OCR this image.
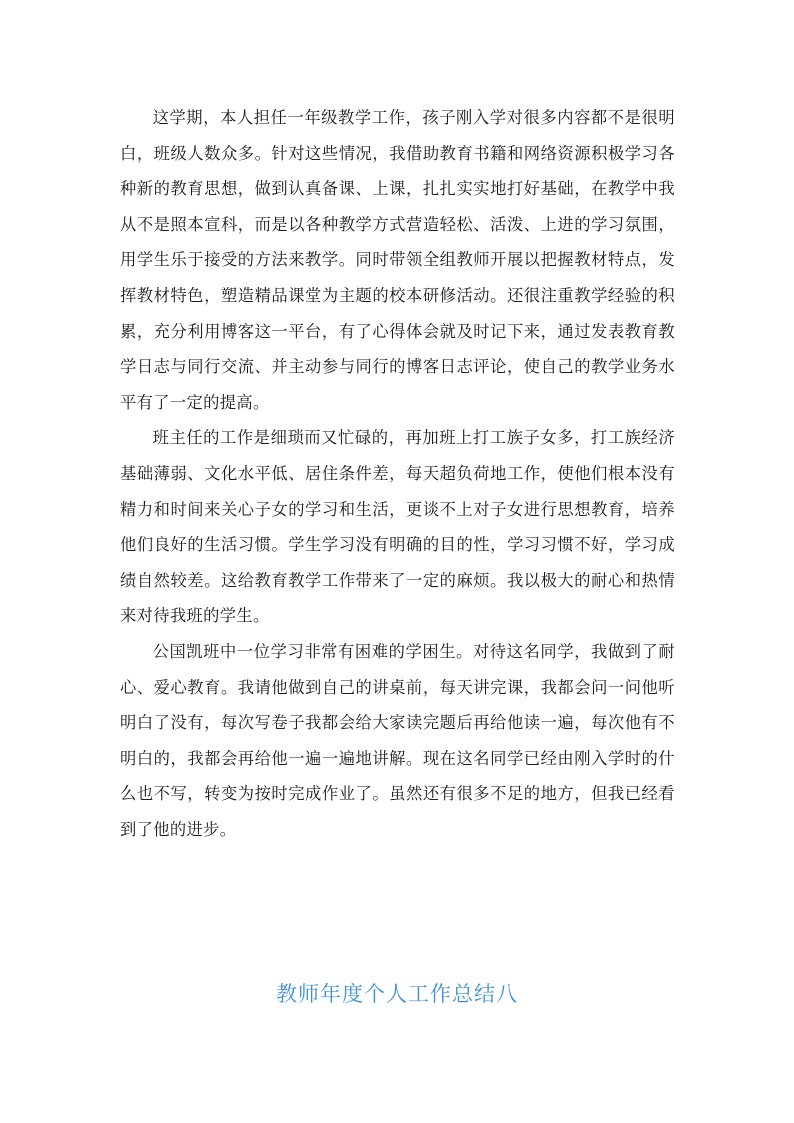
这学期，本人担任一年级教学工作，孩子刚入学对很多内容都不是很明白，班级人数众多。针对这些情况，我借助教育书籍和网络资源积极学习各种新的教育思想，做到认真备课、上课，扎扎实实地打好基础，在教学中我从不是照本宣科，而是以各种教学方式营造轻松、活泼、上进的学习氛围，用学生乐于接受的方法来教学。同时带领全组教师开展以把握教材特点，发挥教材特色，塑造精品课堂为主题的校本研修活动。还很注重教学经验的积累，充分利用博客这一平台，有了心得体会就及时记下来，通过发表教育教学日志与同行交流、并主动参与同行的博客日志评论，使自己的教学业务水平有了一定的提高。

班主任的工作是细琐而又忙碌的，再加班上打工族子女多，打工族经济基础薄弱、文化水平低、居住条件差，每天超负荷地工作，使他们根本没有精力和时间来关心子女的学习和生活，更谈不上对子女进行思想教育，培养他们良好的生活习惯。学生学习没有明确的目的性，学习习惯不好，学习成绩自然较差。这给教育教学工作带来了一定的麻烦。我以极大的耐心和热情来对待我班的学生。

公国凯班中一位学习非常有困难的学困生。对待这名同学，我做到了耐心、爱心教育。我请他做到自己的讲桌前，每天讲完课，我都会问一问他听明白了没有，每次写卷子我都会给大家读完题后再给他读一遍，每次他有不明白的，我都会再给他一遍一遍地讲解。现在这名同学已经由刚入学时的什么也不写，转变为按时完成作业了。虽然还有很多不足的地方，但我已经看到了他的进步。

教师年度个人工作总结八
